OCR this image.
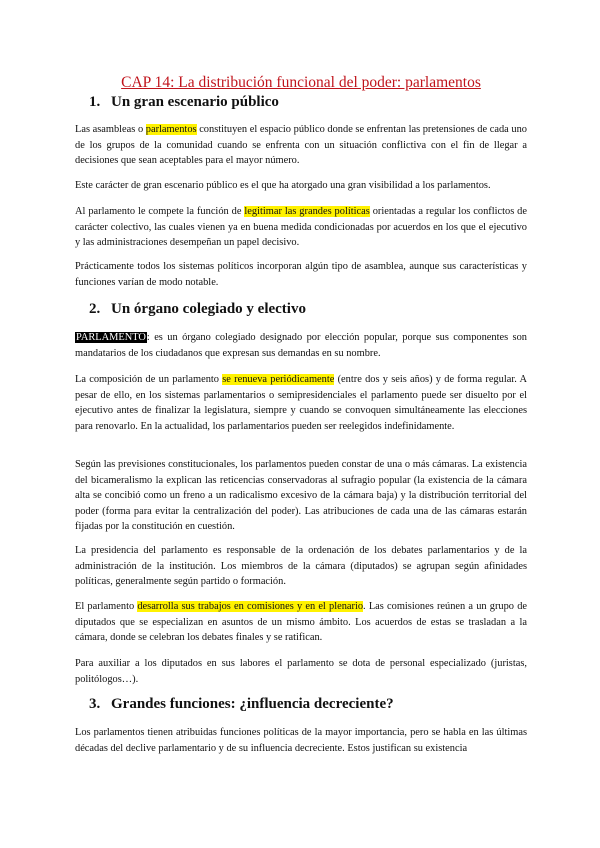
CAP 14: La distribución funcional del poder: parlamentos
1. Un gran escenario público

Las asambleas o parlamentos constituyen el espacio público donde se enfrentan las pretensiones de cada uno de los grupos de la comunidad cuando se enfrenta con un situación conflictiva con el fin de llegar a decisiones que sean aceptables para el mayor número.

Este carácter de gran escenario público es el que ha atorgado una gran visibilidad a los parlamentos.

Al parlamento le compete la función de legitimar las grandes políticas orientadas a regular los conflictos de carácter colectivo, las cuales vienen ya en buena medida condicionadas por acuerdos en los que el ejecutivo y las administraciones desempeñan un papel decisivo.

Prácticamente todos los sistemas políticos incorporan algún tipo de asamblea, aunque sus características y funciones varían de modo notable.

2. Un órgano colegiado y electivo

PARLAMENTO: es un órgano colegiado designado por elección popular, porque sus componentes son mandatarios de los ciudadanos que expresan sus demandas en su nombre.

La composición de un parlamento se renueva periódicamente (entre dos y seis años) y de forma regular. A pesar de ello, en los sistemas parlamentarios o semipresidenciales el parlamento puede ser disuelto por el ejecutivo antes de finalizar la legislatura, siempre y cuando se convoquen simultáneamente las elecciones para renovarlo. En la actualidad, los parlamentarios pueden ser reelegidos indefinidamente.

Según las previsiones constitucionales, los parlamentos pueden constar de una o más cámaras. La existencia del bicameralismo la explican las reticencias conservadoras al sufragio popular (la existencia de la cámara alta se concibió como un freno a un radicalismo excesivo de la cámara baja) y la distribución territorial del poder (forma para evitar la centralización del poder). Las atribuciones de cada una de las cámaras estarán fijadas por la constitución en cuestión.

La presidencia del parlamento es responsable de la ordenación de los debates parlamentarios y de la administración de la institución. Los miembros de la cámara (diputados) se agrupan según afinidades políticas, generalmente según partido o formación.

El parlamento desarrolla sus trabajos en comisiones y en el plenario. Las comisiones reúnen a un grupo de diputados que se especializan en asuntos de un mismo ámbito. Los acuerdos de estas se trasladan a la cámara, donde se celebran los debates finales y se ratifican.

Para auxiliar a los diputados en sus labores el parlamento se dota de personal especializado (juristas, politólogos…).

3. Grandes funciones: ¿influencia decreciente?

Los parlamentos tienen atribuidas funciones políticas de la mayor importancia, pero se habla en las últimas décadas del declive parlamentario y de su influencia decreciente. Estos justifican su existencia
